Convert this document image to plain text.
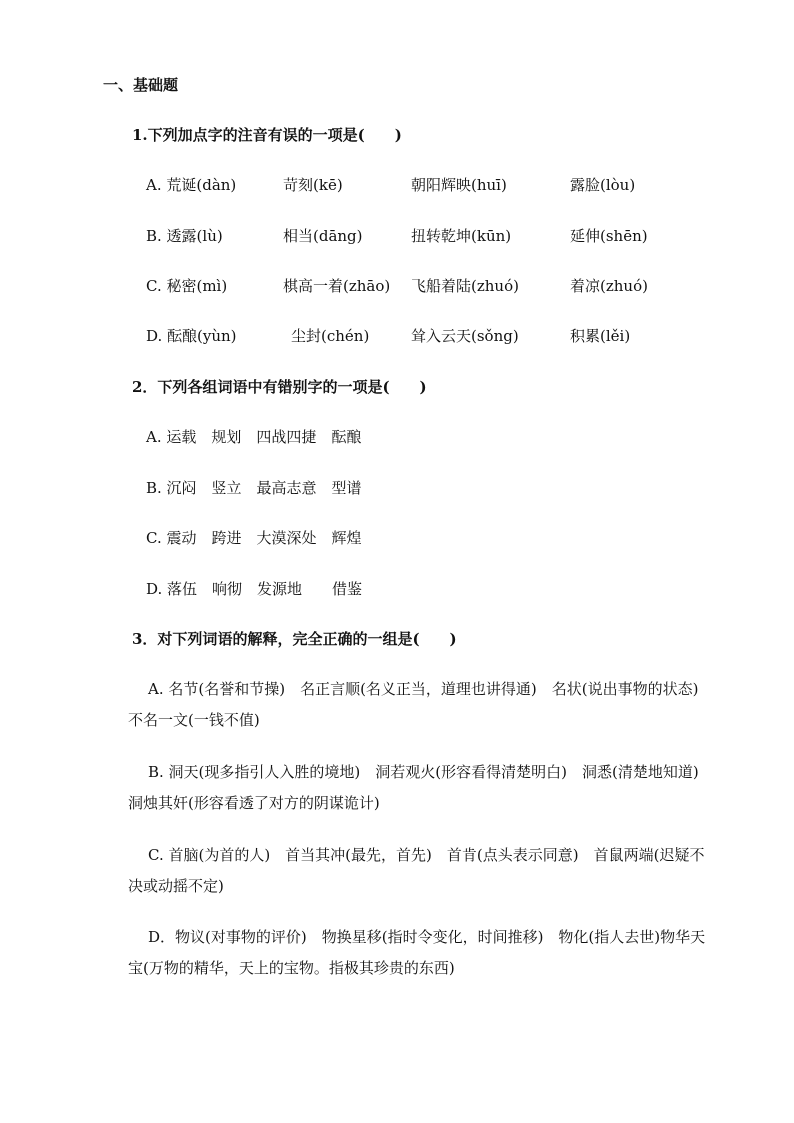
一、基础题
1.下列加点字的注音有误的一项是(　　)
A. 荒诞(dàn)	苛刻(kē)	朝阳辉映(huī)	露脸(lòu)
B. 透露(lù)	相当(dāng)	扭转乾坤(kūn)	延伸(shēn)
C. 秘密(mì)	棋高一着(zhāo) 飞船着陆(zhuó)	着凉(zhuó)
D. 酝酿(yùn)	尘封(chén)	耸入云天(sǒng)	积累(lěi)
2．下列各组词语中有错别字的一项是(　　)
A. 运载　规划　四战四捷　酝酿
B. 沉闷　竖立　最高志意　型谱
C. 震动　跨进　大漠深处　辉煌
D. 落伍　响彻　发源地　　借鉴
3．对下列词语的解释，完全正确的一组是(　　)

A. 名节(名誉和节操)　名正言顺(名义正当，道理也讲得通)　名状(说出事物的状态)　不名一文(一钱不值)

B. 洞天(现多指引人入胜的境地)　洞若观火(形容看得清楚明白)　洞悉(清楚地知道)洞烛其奸(形容看透了对方的阴谋诡计)

C. 首脑(为首的人)　首当其冲(最先，首先)　首肯(点头表示同意)　首鼠两端(迟疑不决或动摇不定)

D．物议(对事物的评价)　物换星移(指时令变化，时间推移)　物化(指人去世)物华天宝(万物的精华，天上的宝物。指极其珍贵的东西)
